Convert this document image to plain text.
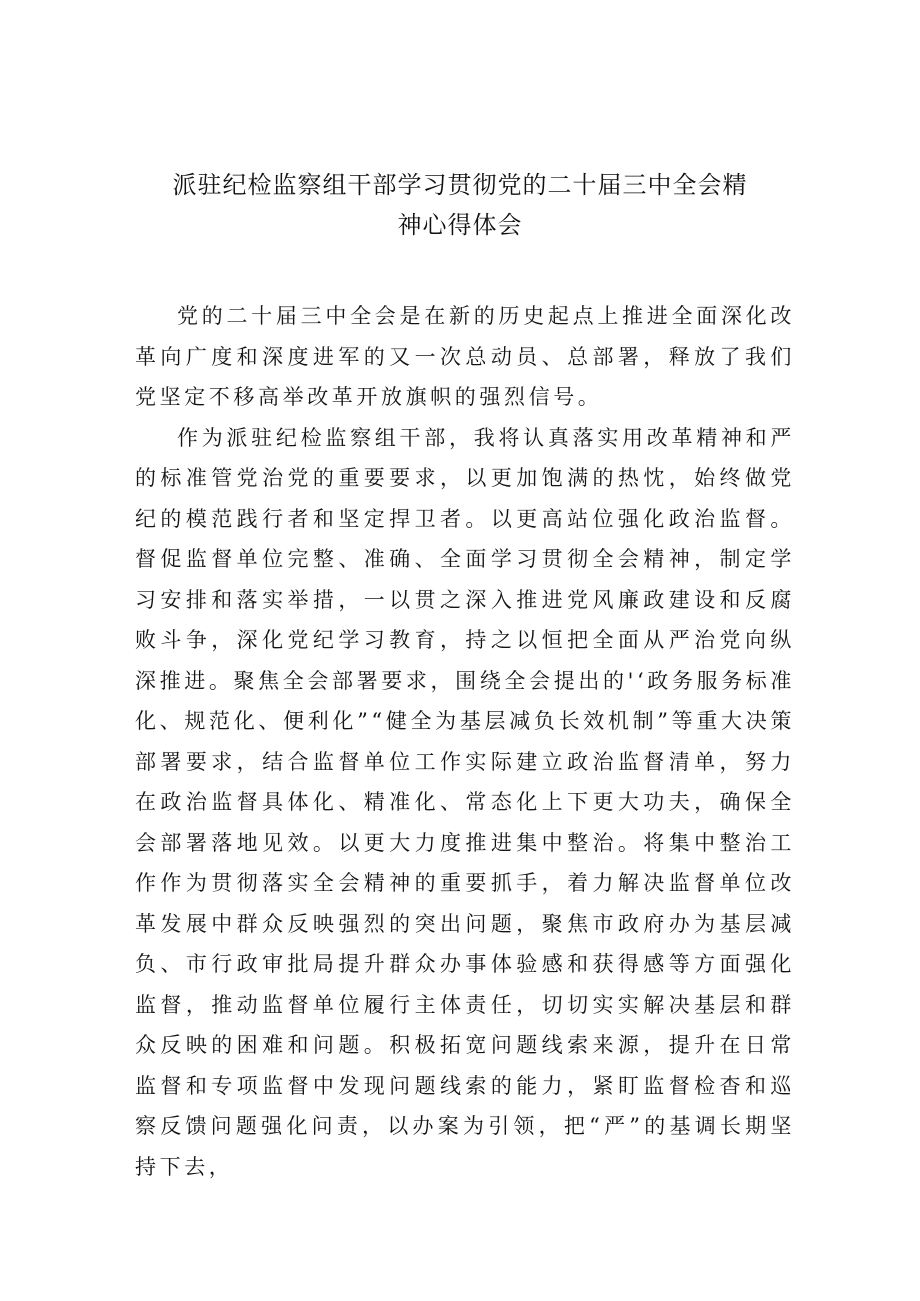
派驻纪检监察组干部学习贯彻党的二十届三中全会精
神心得体会

党的二十届三中全会是在新的历史起点上推进全面深化改革向广度和深度进军的又一次总动员、总部署，释放了我们党坚定不移高举改革开放旗帜的强烈信号。

作为派驻纪检监察组干部，我将认真落实用改革精神和严的标准管党治党的重要要求，以更加饱满的热忱，始终做党纪的模范践行者和坚定捍卫者。以更高站位强化政治监督。督促监督单位完整、准确、全面学习贯彻全会精神，制定学习安排和落实举措，一以贯之深入推进党风廉政建设和反腐败斗争，深化党纪学习教育，持之以恒把全面从严治党向纵深推进。聚焦全会部署要求，围绕全会提出的'‘政务服务标准化、规范化、便利化”“健全为基层减负长效机制”等重大决策部署要求，结合监督单位工作实际建立政治监督清单，努力在政治监督具体化、精准化、常态化上下更大功夫，确保全会部署落地见效。以更大力度推进集中整治。将集中整治工作作为贯彻落实全会精神的重要抓手，着力解决监督单位改革发展中群众反映强烈的突出问题，聚焦市政府办为基层减负、市行政审批局提升群众办事体验感和获得感等方面强化监督，推动监督单位履行主体责任，切切实实解决基层和群众反映的困难和问题。积极拓宽问题线索来源，提升在日常监督和专项监督中发现问题线索的能力，紧盯监督检杳和巡察反馈问题强化问责，以办案为引领，把“严”的基调长期坚持下去，
